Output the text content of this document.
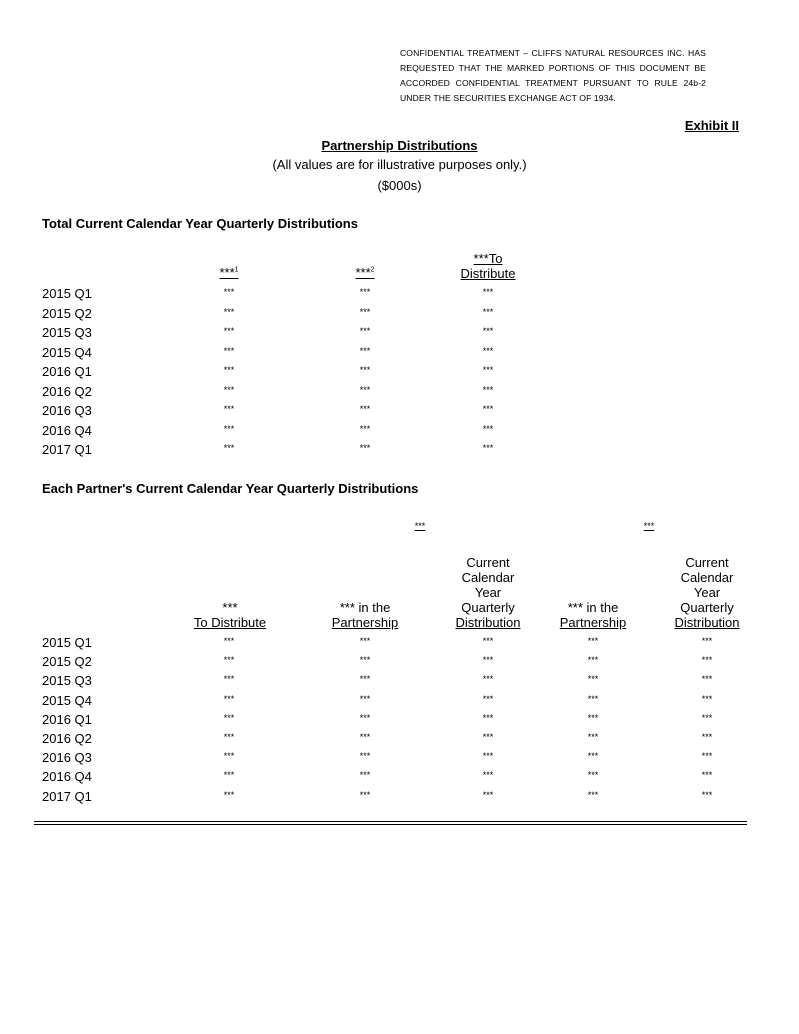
CONFIDENTIAL TREATMENT – CLIFFS NATURAL RESOURCES INC. HAS REQUESTED THAT THE MARKED PORTIONS OF THIS DOCUMENT BE ACCORDED CONFIDENTIAL TREATMENT PURSUANT TO RULE 24b-2 UNDER THE SECURITIES EXCHANGE ACT OF 1934.
Exhibit II
Partnership Distributions
(All values are for illustrative purposes only.)
($000s)
Total Current Calendar Year Quarterly Distributions
***$^1$	***$^2$
***To
Distribute
2015 Q1	***	***	***
2015 Q2	***	***	***
2015 Q3	***	***	***
2015 Q4	***	***	***
2016 Q1	***	***	***
2016 Q2	***	***	***
2016 Q3	***	***	***
2016 Q4	***	***	***
2017 Q1	***	***	***
Each Partner's Current Calendar Year Quarterly Distributions
***	***
***
To Distribute
*** in the
Partnership
Current
Calendar
Year
Quarterly
Distribution
*** in the
Partnership
Current
Calendar
Year
Quarterly
Distribution
2015 Q1	***	***	***	***	***
2015 Q2	***	***	***	***	***
2015 Q3	***	***	***	***	***
2015 Q4	***	***	***	***	***
2016 Q1	***	***	***	***	***
2016 Q2	***	***	***	***	***
2016 Q3	***	***	***	***	***
2016 Q4	***	***	***	***	***
2017 Q1	***	***	***	***	***
